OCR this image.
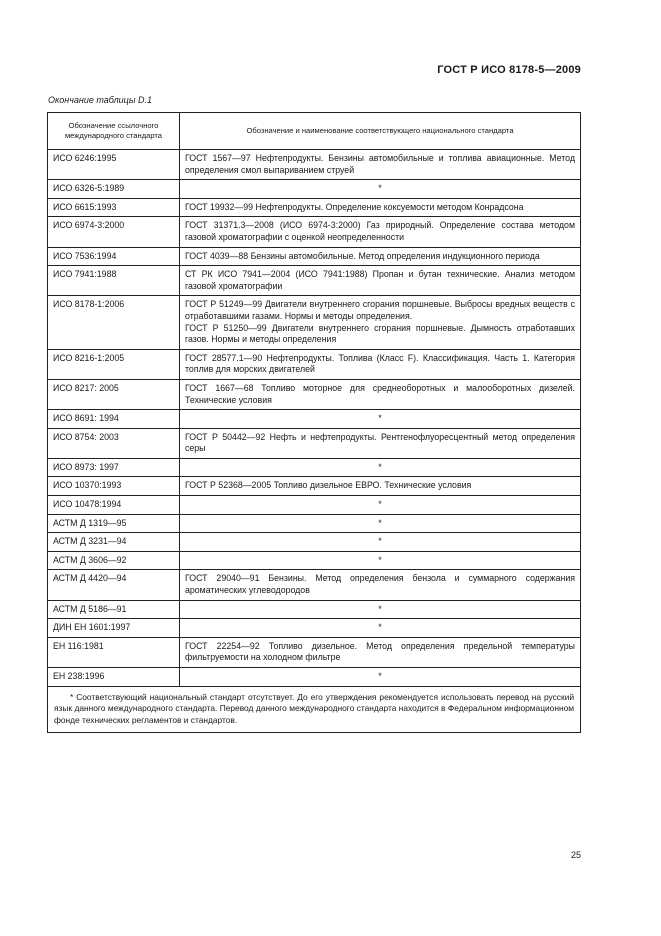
ГОСТ Р ИСО 8178-5—2009
Окончание таблицы D.1
Обозначение ссылочного международного стандарта	Обозначение и наименование соответствующего национального стандарта
ИСО 6246:1995	ГОСТ 1567—97 Нефтепродукты. Бензины автомобильные и топлива авиационные. Метод определения смол выпариванием струей
ИСО 6326-5:1989	*
ИСО 6615:1993	ГОСТ 19932—99 Нефтепродукты. Определение коксуемости методом Конрадсона
ИСО 6974-3:2000	ГОСТ 31371.3—2008 (ИСО 6974-3:2000) Газ природный. Определение состава методом газовой хроматографии с оценкой неопределенности
ИСО 7536:1994	ГОСТ 4039—88 Бензины автомобильные. Метод определения индукционного периода
ИСО 7941:1988	СТ РК ИСО 7941—2004 (ИСО 7941:1988) Пропан и бутан технические. Анализ методом газовой хроматографии
ИСО 8178-1:2006	ГОСТ Р 51249—99 Двигатели внутреннего сгорания поршневые. Выбросы вредных веществ с отработавшими газами. Нормы и методы определения.
ГОСТ Р 51250—99 Двигатели внутреннего сгорания поршневые. Дымность отработавших газов. Нормы и методы определения
ИСО 8216-1:2005	ГОСТ 28577.1—90 Нефтепродукты. Топлива (Класс F). Классификация. Часть 1. Категория топлив для морских двигателей
ИСО 8217: 2005	ГОСТ 1667—68 Топливо моторное для среднеоборотных и малооборотных дизелей. Технические условия
ИСО 8691: 1994	*
ИСО 8754: 2003	ГОСТ Р 50442—92 Нефть и нефтепродукты. Рентгенофлуоресцентный метод определения серы
ИСО 8973: 1997	*
ИСО 10370:1993	ГОСТ Р 52368—2005 Топливо дизельное ЕВРО. Технические условия
ИСО 10478:1994	*
АСТМ Д 1319—95	*
АСТМ Д 3231—94	*
АСТМ Д 3606—92	*
АСТМ Д 4420—94	ГОСТ 29040—91 Бензины. Метод определения бензола и суммарного содержания ароматических углеводородов
АСТМ Д 5186—91	*
ДИН ЕН 1601:1997	*
ЕН 116:1981	ГОСТ 22254—92 Топливо дизельное. Метод определения предельной температуры фильтруемости на холодном фильтре
ЕН 238:1996	*

* Соответствующий национальный стандарт отсутствует. До его утверждения рекомендуется использовать перевод на русский язык данного международного стандарта. Перевод данного международного стандарта находится в Федеральном информационном фонде технических регламентов и стандартов.	
25
